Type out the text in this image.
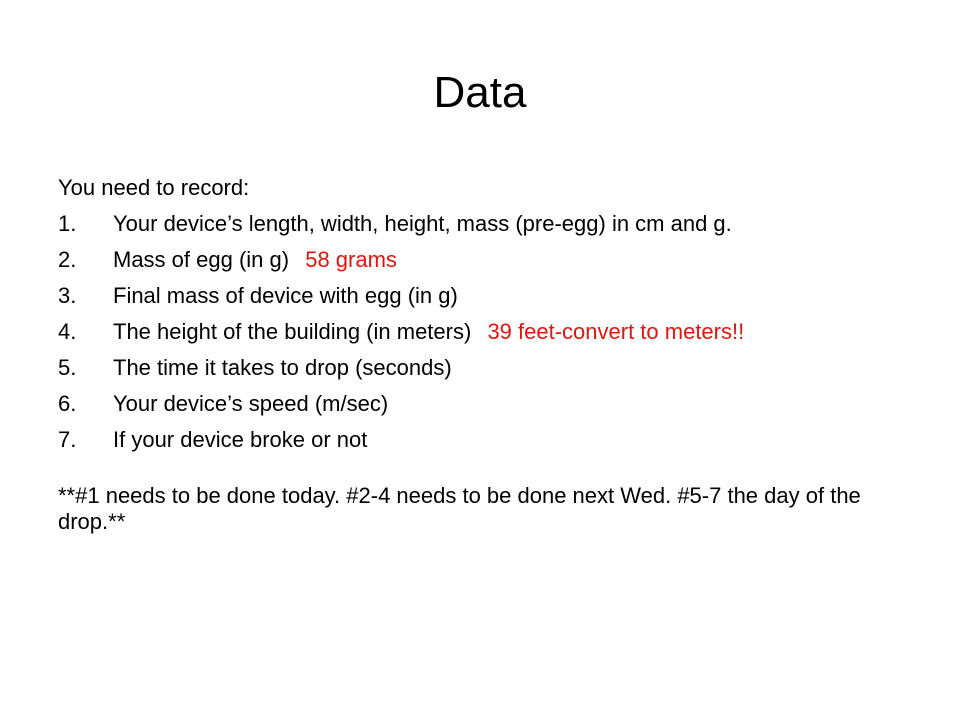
Data

You need to record:

1. Your device’s length, width, height, mass (pre-egg) in cm and g.
2. Mass of egg (in g) 58 grams
3. Final mass of device with egg (in g)
4. The height of the building (in meters) 39 feet-convert to meters!!
5. The time it takes to drop (seconds)
6. Your device’s speed (m/sec)
7. If your device broke or not
**#1 needs to be done today. #2-4 needs to be done next Wed. #5-7 the day of the drop.**
